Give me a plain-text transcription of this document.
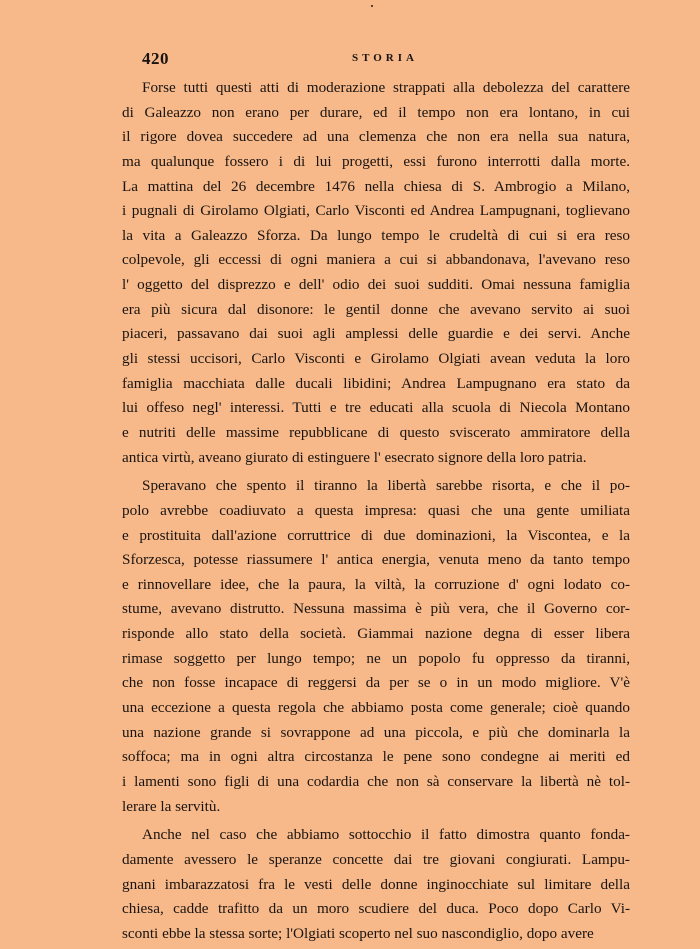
420	STORIA
Forse tutti questi atti di moderazione strappati alla debolezza del carattere
di Galeazzo non erano per durare, ed il tempo non era lontano, in cui
il rigore dovea succedere ad una clemenza che non era nella sua natura,
ma qualunque fossero i di lui progetti, essi furono interrotti dalla morte.
La mattina del 26 decembre 1476 nella chiesa di S. Ambrogio a Milano,
i pugnali di Girolamo Olgiati, Carlo Visconti ed Andrea Lampugnani, toglievano
la vita a Galeazzo Sforza. Da lungo tempo le crudeltà di cui si era reso
colpevole, gli eccessi di ogni maniera a cui si abbandonava, l'avevano reso
l' oggetto del disprezzo e dell' odio dei suoi sudditi. Omai nessuna famiglia
era più sicura dal disonore: le gentil donne che avevano servito ai suoi
piaceri, passavano dai suoi agli amplessi delle guardie e dei servi. Anche
gli stessi uccisori, Carlo Visconti e Girolamo Olgiati avean veduta la loro
famiglia macchiata dalle ducali libidini; Andrea Lampugnano era stato da
lui offeso negl' interessi. Tutti e tre educati alla scuola di Niecola Montano
e nutriti delle massime repubblicane di questo sviscerato ammiratore della
antica virtù, aveano giurato di estinguere l' esecrato signore della loro patria.
Speravano che spento il tiranno la libertà sarebbe risorta, e che il po-
polo avrebbe coadiuvato a questa impresa: quasi che una gente umiliata
e prostituita dall'azione corruttrice di due dominazioni, la Viscontea, e la
Sforzesca, potesse riassumere l' antica energia, venuta meno da tanto tempo
e rinnovellare idee, che la paura, la viltà, la corruzione d' ogni lodato co-
stume, avevano distrutto. Nessuna massima è più vera, che il Governo cor-
risponde allo stato della società. Giammai nazione degna di esser libera
rimase soggetto per lungo tempo; ne un popolo fu oppresso da tiranni,
che non fosse incapace di reggersi da per se o in un modo migliore. V'è
una eccezione a questa regola che abbiamo posta come generale; cioè quando
una nazione grande si sovrappone ad una piccola, e più che dominarla la
soffoca; ma in ogni altra circostanza le pene sono condegne ai meriti ed
i lamenti sono figli di una codardia che non sà conservare la libertà nè tol-
lerare la servitù.
Anche nel caso che abbiamo sottocchio il fatto dimostra quanto fonda-
damente avessero le speranze concette dai tre giovani congiurati. Lampu-
gnani imbarazzatosi fra le vesti delle donne inginocchiate sul limitare della
chiesa, cadde trafitto da un moro scudiere del duca. Poco dopo Carlo Vi-
sconti ebbe la stessa sorte; l'Olgiati scoperto nel suo nascondiglio, dopo avere
